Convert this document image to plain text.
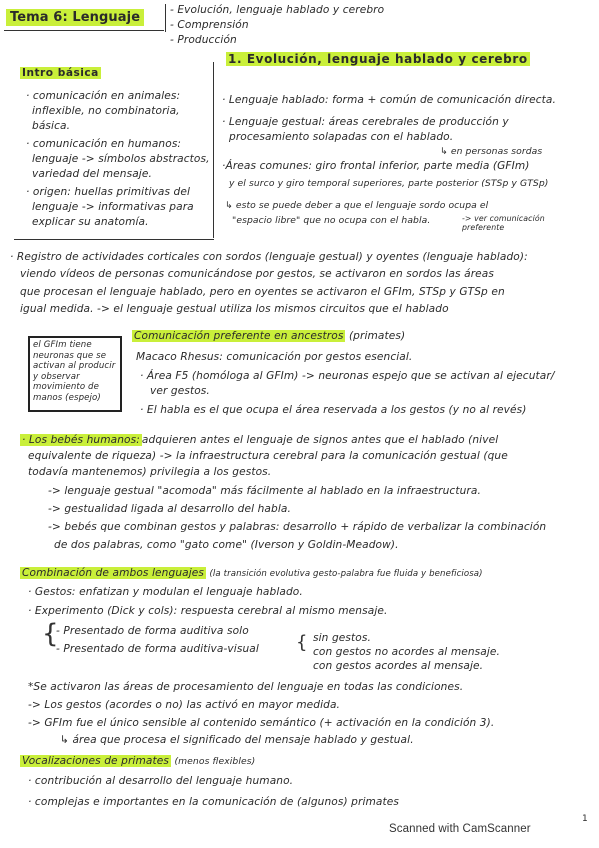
Tema 6: Lenguaje	- Evolución, lenguaje hablado y cerebro
- Comprensión
- Producción
Intro básica
· comunicación en animales:
inflexible, no combinatoria,
básica.
· comunicación en humanos:
lenguaje -> símbolos abstractos,
variedad del mensaje.
· origen: huellas primitivas del
lenguaje -> informativas para
explicar su anatomía.
1. Evolución, lenguaje hablado y cerebro
· Lenguaje hablado: forma + común de comunicación directa.
· Lenguaje gestual: áreas cerebrales de producción y
procesamiento solapadas con el hablado.
↳ en personas sordas
·Áreas comunes: giro frontal inferior, parte media (GFIm)
y el surco y giro temporal superiores, parte posterior (STSp y GTSp)
↳ esto se puede deber a que el lenguaje sordo ocupa el
"espacio libre" que no ocupa con el habla.	-> ver comunicación preferente
· Registro de actividades corticales con sordos (lenguaje gestual) y oyentes (lenguaje hablado):
viendo vídeos de personas comunicándose por gestos, se activaron en sordos las áreas
que procesan el lenguaje hablado, pero en oyentes se activaron el GFIm, STSp y GTSp en
igual medida. -> el lenguaje gestual utiliza los mismos circuitos que el hablado
el GFIm tiene neuronas que se activan al producir y observar movimiento de manos (espejo)
Comunicación preferente en ancestros (primates)
Macaco Rhesus: comunicación por gestos esencial.
· Área F5 (homóloga al GFIm) -> neuronas espejo que se activan al ejecutar/
ver gestos.
· El habla es el que ocupa el área reservada a los gestos (y no al revés)
· Los bebés humanos: adquieren antes el lenguaje de signos antes que el hablado (nivel
equivalente de riqueza) -> la infraestructura cerebral para la comunicación gestual (que
todavía mantenemos) privilegia a los gestos.
-> lenguaje gestual "acomoda" más fácilmente al hablado en la infraestructura.
-> gestualidad ligada al desarrollo del habla.
-> bebés que combinan gestos y palabras: desarrollo + rápido de verbalizar la combinación
de dos palabras, como "gato come" (Iverson y Goldin-Meadow).
Combinación de ambos lenguajes (la transición evolutiva gesto-palabra fue fluida y beneficiosa)
· Gestos: enfatizan y modulan el lenguaje hablado.
· Experimento (Dick y cols): respuesta cerebral al mismo mensaje.
{
- Presentado de forma auditiva solo
- Presentado de forma auditiva-visual { sin gestos.
con gestos no acordes al mensaje.
con gestos acordes al mensaje.
*Se activaron las áreas de procesamiento del lenguaje en todas las condiciones.
-> Los gestos (acordes o no) las activó en mayor medida.
-> GFIm fue el único sensible al contenido semántico (+ activación en la condición 3).
↳ área que procesa el significado del mensaje hablado y gestual.
Vocalizaciones de primates (menos flexibles)
· contribución al desarrollo del lenguaje humano.
· complejas e importantes en la comunicación de (algunos) primates
Scanned with CamScanner
1
